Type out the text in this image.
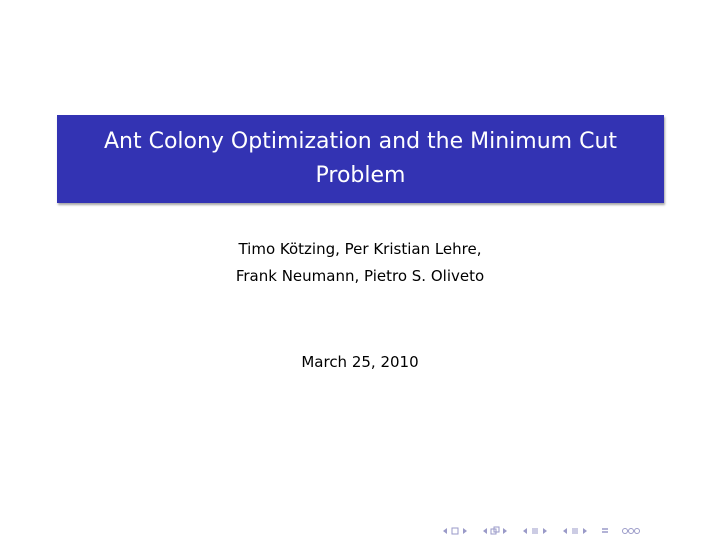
Ant Colony Optimization and the Minimum Cut
Problem
Timo Kötzing, Per Kristian Lehre,
Frank Neumann, Pietro S. Oliveto
March 25, 2010
